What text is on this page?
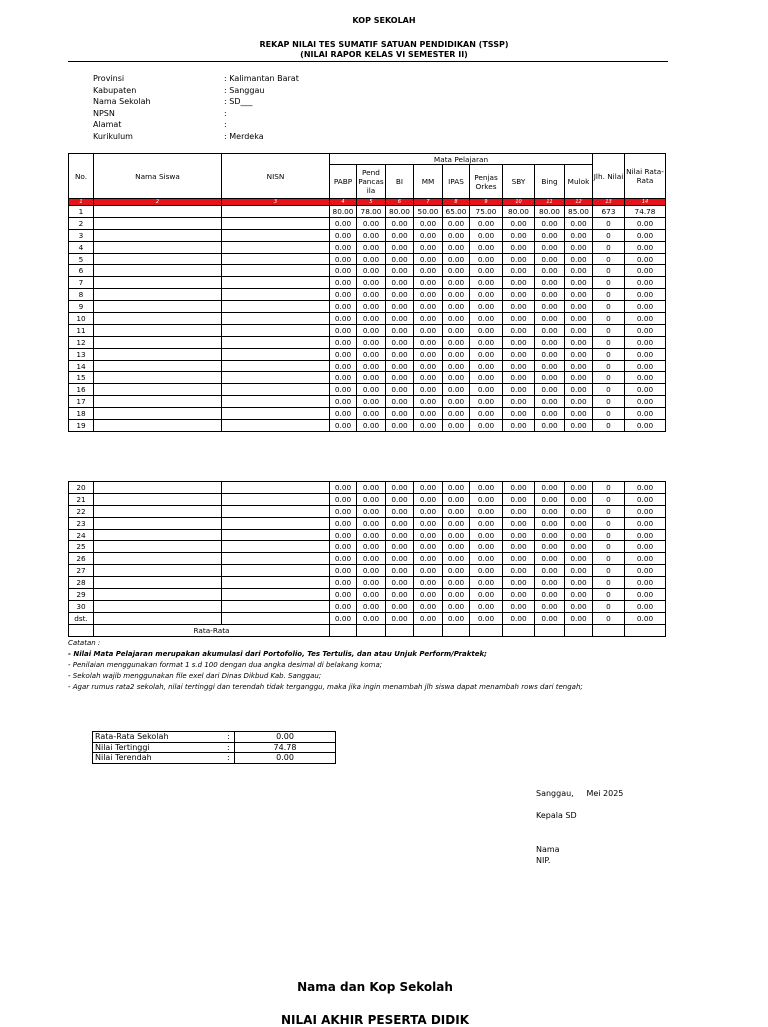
KOP SEKOLAH
REKAP NILAI TES SUMATIF SATUAN PENDIDIKAN (TSSP)
(NILAI RAPOR KELAS VI SEMESTER II)
Provinsi	: Kalimantan Barat
Kabupaten	: Sanggau
Nama Sekolah	: SD___
NPSN	:
Alamat	:
Kurikulum	: Merdeka
No.	Nama Siswa	NISN	Mata Pelajaran									Jlh. Nilai	Nilai Rata- Rata
			PABP	Pend Pancas ila	BI	MM	IPAS	Penjas Orkes	SBY	Bing	Mulok		
1	2	3	4	5	6	7	8	9	10	11	12	13	14
1			80.00	78.00	80.00	50.00	65.00	75.00	80.00	80.00	85.00	673	74.78
2			0.00	0.00	0.00	0.00	0.00	0.00	0.00	0.00	0.00	0	0.00
3			0.00	0.00	0.00	0.00	0.00	0.00	0.00	0.00	0.00	0	0.00
4			0.00	0.00	0.00	0.00	0.00	0.00	0.00	0.00	0.00	0	0.00
5			0.00	0.00	0.00	0.00	0.00	0.00	0.00	0.00	0.00	0	0.00
6			0.00	0.00	0.00	0.00	0.00	0.00	0.00	0.00	0.00	0	0.00
7			0.00	0.00	0.00	0.00	0.00	0.00	0.00	0.00	0.00	0	0.00
8			0.00	0.00	0.00	0.00	0.00	0.00	0.00	0.00	0.00	0	0.00
9			0.00	0.00	0.00	0.00	0.00	0.00	0.00	0.00	0.00	0	0.00
10			0.00	0.00	0.00	0.00	0.00	0.00	0.00	0.00	0.00	0	0.00
11			0.00	0.00	0.00	0.00	0.00	0.00	0.00	0.00	0.00	0	0.00
12			0.00	0.00	0.00	0.00	0.00	0.00	0.00	0.00	0.00	0	0.00
13			0.00	0.00	0.00	0.00	0.00	0.00	0.00	0.00	0.00	0	0.00
14			0.00	0.00	0.00	0.00	0.00	0.00	0.00	0.00	0.00	0	0.00
15			0.00	0.00	0.00	0.00	0.00	0.00	0.00	0.00	0.00	0	0.00
16			0.00	0.00	0.00	0.00	0.00	0.00	0.00	0.00	0.00	0	0.00
17			0.00	0.00	0.00	0.00	0.00	0.00	0.00	0.00	0.00	0	0.00
18			0.00	0.00	0.00	0.00	0.00	0.00	0.00	0.00	0.00	0	0.00
19			0.00	0.00	0.00	0.00	0.00	0.00	0.00	0.00	0.00	0	0.00
20			0.00	0.00	0.00	0.00	0.00	0.00	0.00	0.00	0.00	0	0.00
21			0.00	0.00	0.00	0.00	0.00	0.00	0.00	0.00	0.00	0	0.00
22			0.00	0.00	0.00	0.00	0.00	0.00	0.00	0.00	0.00	0	0.00
23			0.00	0.00	0.00	0.00	0.00	0.00	0.00	0.00	0.00	0	0.00
24			0.00	0.00	0.00	0.00	0.00	0.00	0.00	0.00	0.00	0	0.00
25			0.00	0.00	0.00	0.00	0.00	0.00	0.00	0.00	0.00	0	0.00
26			0.00	0.00	0.00	0.00	0.00	0.00	0.00	0.00	0.00	0	0.00
27			0.00	0.00	0.00	0.00	0.00	0.00	0.00	0.00	0.00	0	0.00
28			0.00	0.00	0.00	0.00	0.00	0.00	0.00	0.00	0.00	0	0.00
29			0.00	0.00	0.00	0.00	0.00	0.00	0.00	0.00	0.00	0	0.00
30			0.00	0.00	0.00	0.00	0.00	0.00	0.00	0.00	0.00	0	0.00
dst.			0.00	0.00	0.00	0.00	0.00	0.00	0.00	0.00	0.00	0	0.00
	Rata-Rata												
Catatan :
- Nilai Mata Pelajaran merupakan akumulasi dari Portofolio, Tes Tertulis, dan atau Unjuk Perform/Praktek;
- Penilaian menggunakan format 1 s.d 100 dengan dua angka desimal di belakang koma;
- Sekolah wajib menggunakan file exel dari Dinas Dikbud Kab. Sanggau;
- Agar rumus rata2 sekolah, nilai tertinggi dan terendah tidak terganggu, maka jika ingin menambah jlh siswa dapat menambah rows dari tengah;
Rata-Rata Sekolah	:	0.00
Nilai Tertinggi	:	74.78
Nilai Terendah	:	0.00
Sanggau,     Mei 2025
Kepala SD
Nama
NIP.
Nama dan Kop Sekolah
NILAI AKHIR PESERTA DIDIK
